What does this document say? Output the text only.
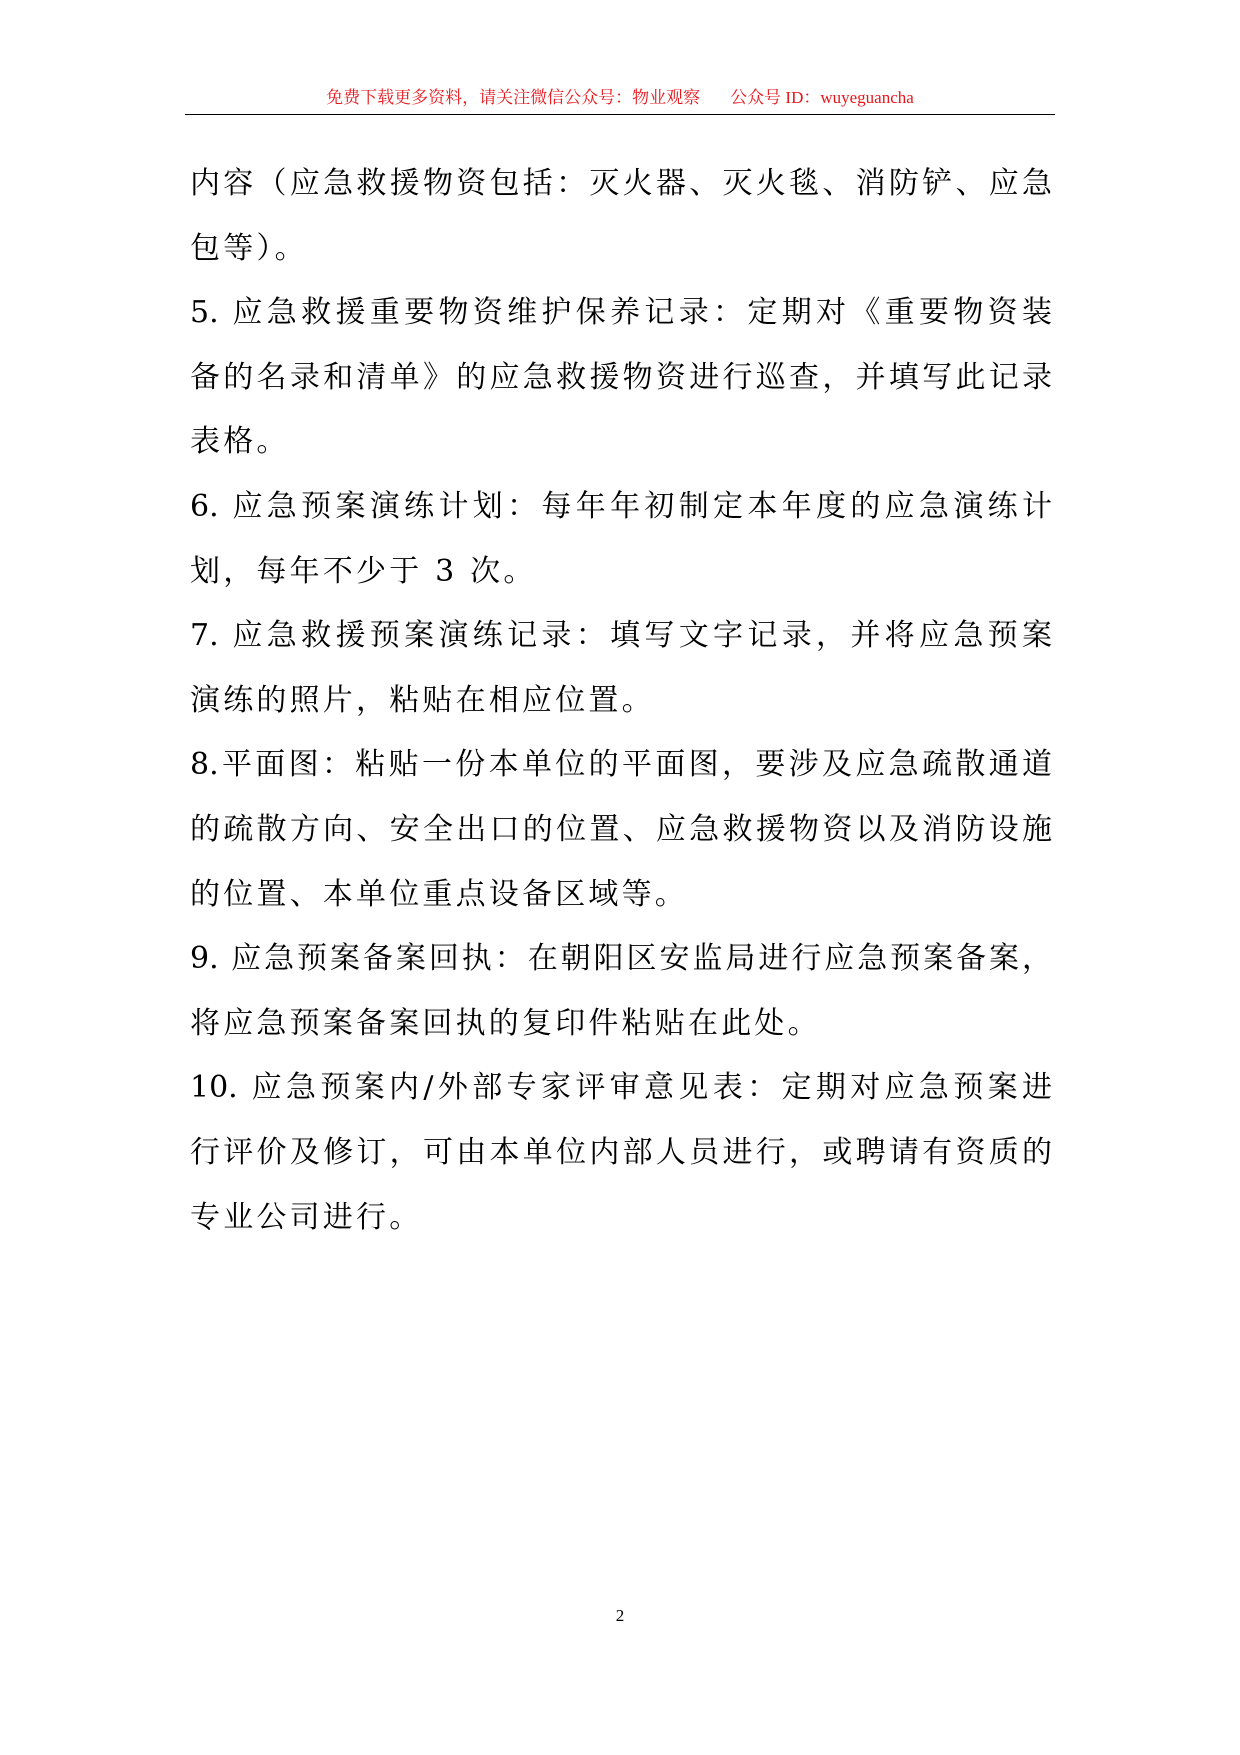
免费下载更多资料，请关注微信公众号：物业观察 公众号 ID：wuyeguancha
内容（应急救援物资包括：灭火器、灭火毯、消防铲、应急
包等）。
5. 应急救援重要物资维护保养记录：定期对《重要物资装
备的名录和清单》的应急救援物资进行巡查，并填写此记录
表格。
6. 应急预案演练计划：每年年初制定本年度的应急演练计
划，每年不少于 3 次。
7. 应急救援预案演练记录：填写文字记录，并将应急预案
演练的照片，粘贴在相应位置。
8.平面图：粘贴一份本单位的平面图，要涉及应急疏散通道
的疏散方向、安全出口的位置、应急救援物资以及消防设施
的位置、本单位重点设备区域等。
9. 应急预案备案回执：在朝阳区安监局进行应急预案备案，
将应急预案备案回执的复印件粘贴在此处。
10. 应急预案内/外部专家评审意见表：定期对应急预案进
行评价及修订，可由本单位内部人员进行，或聘请有资质的
专业公司进行。
2
